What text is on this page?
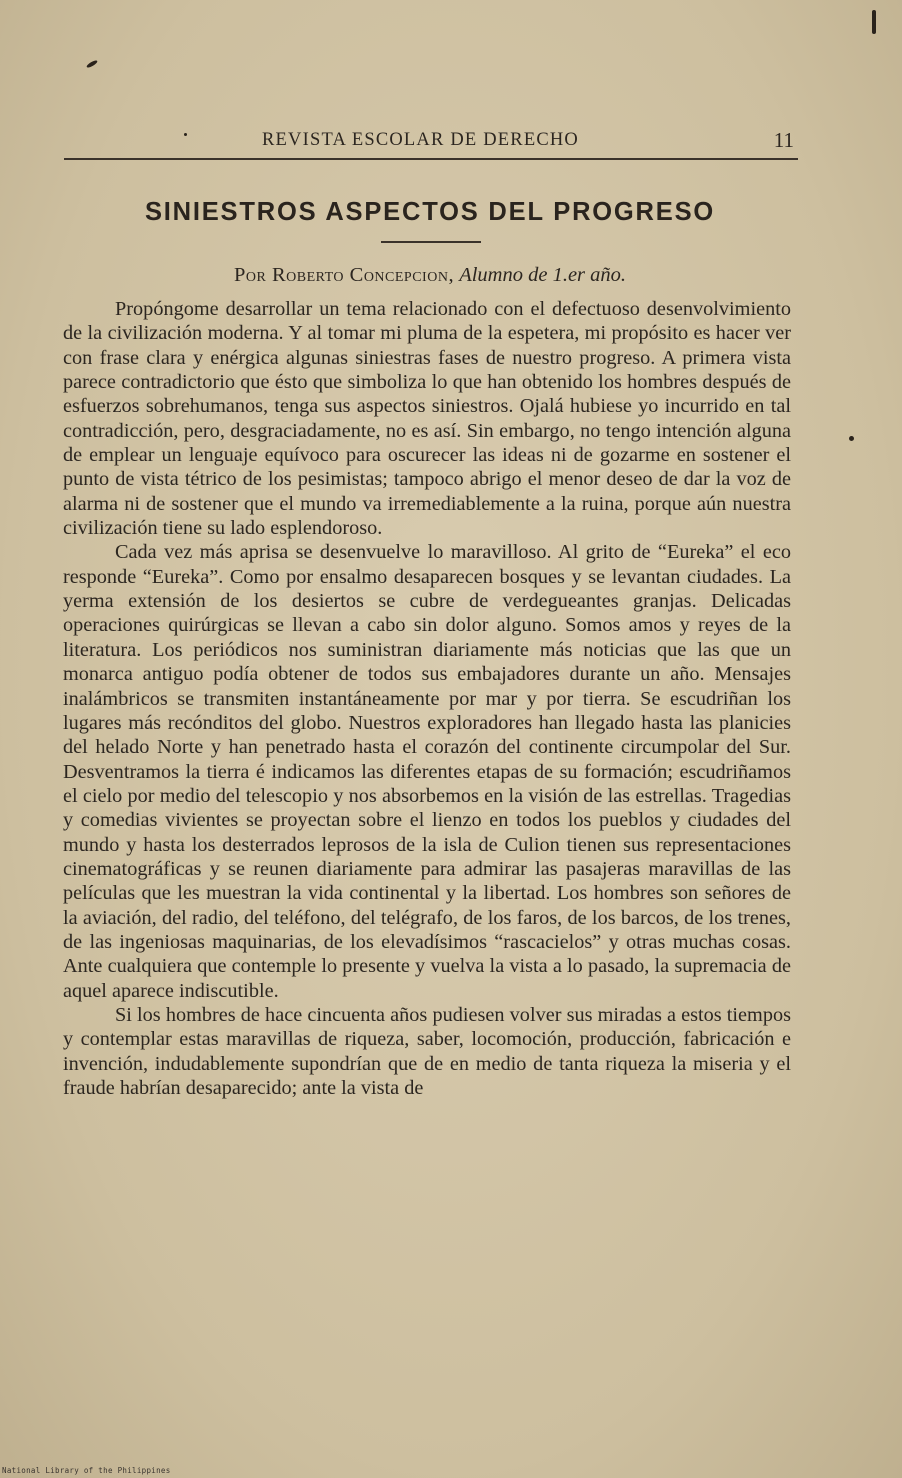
REVISTA ESCOLAR DE DERECHO	11
SINIESTROS ASPECTOS DEL PROGRESO
Por Roberto Concepcion, Alumno de 1.er año.

Propóngome desarrollar un tema relacionado con el defectuoso desenvolvimiento de la civilización moderna. Y al tomar mi pluma de la espetera, mi propósito es hacer ver con frase clara y enérgica algunas siniestras fases de nuestro progreso. A primera vista parece contradictorio que ésto que simboliza lo que han obtenido los hombres después de esfuerzos sobrehumanos, tenga sus aspectos siniestros. Ojalá hubiese yo incurrido en tal contradicción, pero, desgraciadamente, no es así. Sin embargo, no tengo intención alguna de emplear un lenguaje equívoco para oscurecer las ideas ni de gozarme en sostener el punto de vista tétrico de los pesimistas; tampoco abrigo el menor deseo de dar la voz de alarma ni de sostener que el mundo va irremediablemente a la ruina, porque aún nuestra civilización tiene su lado esplendoroso.

Cada vez más aprisa se desenvuelve lo maravilloso. Al grito de “Eureka” el eco responde “Eureka”. Como por ensalmo desaparecen bosques y se levantan ciudades. La yerma extensión de los desiertos se cubre de verdegueantes granjas. Delicadas operaciones quirúrgicas se llevan a cabo sin dolor alguno. Somos amos y reyes de la literatura. Los periódicos nos suministran diariamente más noticias que las que un monarca antiguo podía obtener de todos sus embajadores durante un año. Mensajes inalámbricos se transmiten instantáneamente por mar y por tierra. Se escudriñan los lugares más recónditos del globo. Nuestros exploradores han llegado hasta las planicies del helado Norte y han penetrado hasta el corazón del continente circumpolar del Sur. Desventramos la tierra é indicamos las diferentes etapas de su formación; escudriñamos el cielo por medio del telescopio y nos absorbemos en la visión de las estrellas. Tragedias y comedias vivientes se proyectan sobre el lienzo en todos los pueblos y ciudades del mundo y hasta los desterrados leprosos de la isla de Culion tienen sus representaciones cinematográficas y se reunen diariamente para admirar las pasajeras maravillas de las películas que les muestran la vida continental y la libertad. Los hombres son señores de la aviación, del radio, del teléfono, del telégrafo, de los faros, de los barcos, de los trenes, de las ingeniosas maquinarias, de los elevadísimos “rascacielos” y otras muchas cosas. Ante cualquiera que contemple lo presente y vuelva la vista a lo pasado, la supremacia de aquel aparece indiscutible.

Si los hombres de hace cincuenta años pudiesen volver sus miradas a estos tiempos y contemplar estas maravillas de riqueza, saber, locomoción, producción, fabricación e invención, indudablemente supondrían que de en medio de tanta riqueza la miseria y el fraude habrían desaparecido; ante la vista de

National Library of the Philippines
